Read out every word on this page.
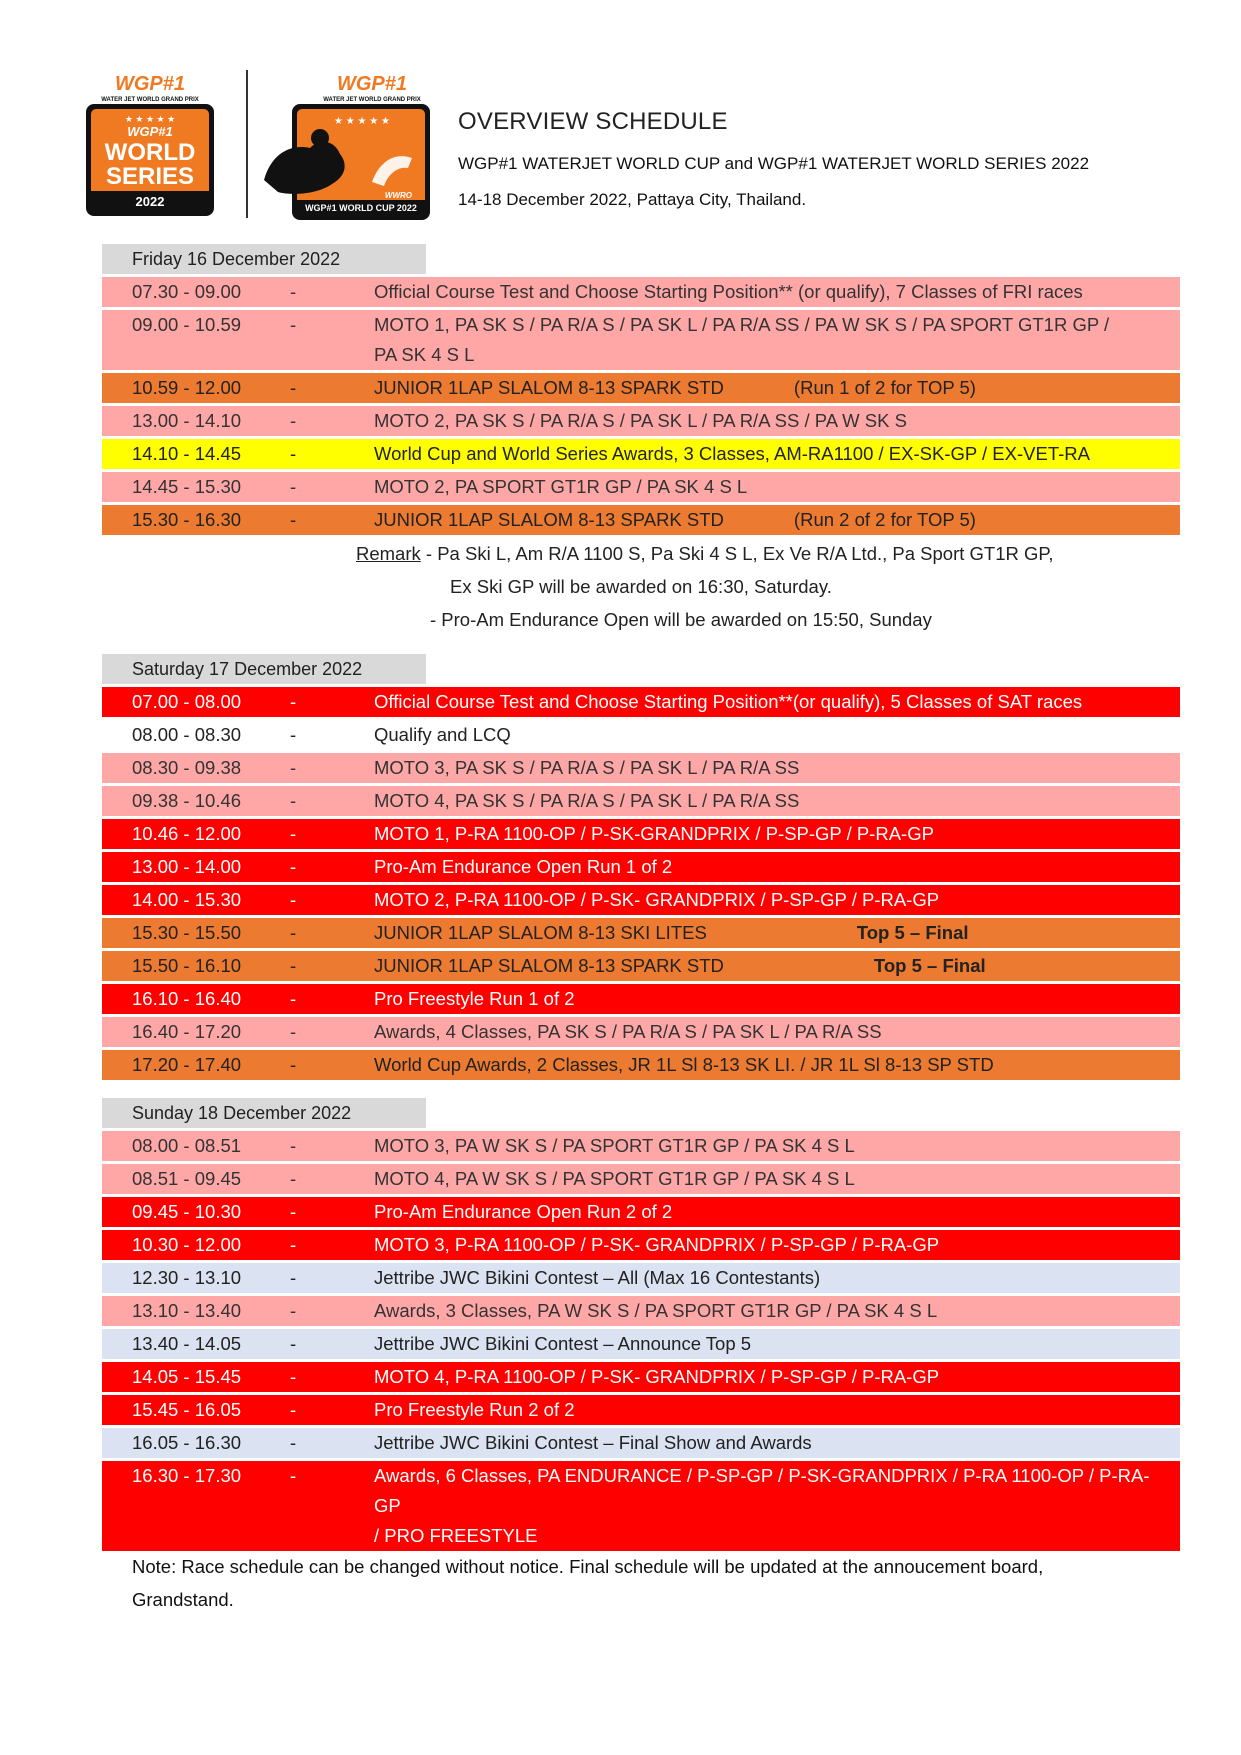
WGP#1
WATER JET WORLD GRAND PRIX
★ ★ ★ ★ ★
WGP#1
WORLD
SERIES
2022
WGP#1
WATER JET WORLD GRAND PRIX
★ ★ ★ ★ ★
WWRO
WGP#1 WORLD CUP 2022
OVERVIEW SCHEDULE
WGP#1 WATERJET WORLD CUP and WGP#1 WATERJET WORLD SERIES 2022
14-18 December 2022, Pattaya City, Thailand.
Friday 16 December 2022
07.30 - 09.00	-	Official Course Test and Choose Starting Position** (or qualify), 7 Classes of FRI races
09.00 - 10.59	-	MOTO 1, PA SK S / PA R/A S / PA SK L / PA R/A SS / PA W SK S / PA SPORT GT1R GP /
PA SK 4 S L
10.59 - 12.00	-	JUNIOR 1LAP SLALOM 8-13 SPARK STD	(Run 1 of 2 for TOP 5)
13.00 - 14.10	-	MOTO 2, PA SK S / PA R/A S / PA SK L / PA R/A SS / PA W SK S
14.10 - 14.45	-	World Cup and World Series Awards, 3 Classes, AM-RA1100 / EX-SK-GP / EX-VET-RA
14.45 - 15.30	-	MOTO 2, PA SPORT GT1R GP / PA SK 4 S L
15.30 - 16.30	-	JUNIOR 1LAP SLALOM 8-13 SPARK STD	(Run 2 of 2 for TOP 5)
Remark - Pa Ski L, Am R/A 1100 S, Pa Ski 4 S L, Ex Ve R/A Ltd., Pa Sport GT1R GP,
Ex Ski GP will be awarded on 16:30, Saturday.
- Pro-Am Endurance Open will be awarded on 15:50, Sunday
Saturday 17 December 2022
07.00 - 08.00	-	Official Course Test and Choose Starting Position**(or qualify), 5 Classes of SAT races
08.00 - 08.30	-	Qualify and LCQ
08.30 - 09.38	-	MOTO 3, PA SK S / PA R/A S / PA SK L / PA R/A SS
09.38 - 10.46	-	MOTO 4, PA SK S / PA R/A S / PA SK L / PA R/A SS
10.46 - 12.00	-	MOTO 1, P-RA 1100-OP / P-SK-GRANDPRIX / P-SP-GP / P-RA-GP
13.00 - 14.00	-	Pro-Am Endurance Open Run 1 of 2
14.00 - 15.30	-	MOTO 2, P-RA 1100-OP / P-SK- GRANDPRIX / P-SP-GP / P-RA-GP
15.30 - 15.50	-	JUNIOR 1LAP SLALOM 8-13 SKI LITES	Top 5 – Final
15.50 - 16.10	-	JUNIOR 1LAP SLALOM 8-13 SPARK STD	Top 5 – Final
16.10 - 16.40	-	Pro Freestyle Run 1 of 2
16.40 - 17.20	-	Awards, 4 Classes, PA SK S / PA R/A S / PA SK L / PA R/A SS
17.20 - 17.40	-	World Cup Awards, 2 Classes, JR 1L Sl 8-13 SK LI. / JR 1L Sl 8-13 SP STD
Sunday 18 December 2022
08.00 - 08.51	-	MOTO 3, PA W SK S / PA SPORT GT1R GP / PA SK 4 S L
08.51 - 09.45	-	MOTO 4, PA W SK S / PA SPORT GT1R GP / PA SK 4 S L
09.45 - 10.30	-	Pro-Am Endurance Open Run 2 of 2
10.30 - 12.00	-	MOTO 3, P-RA 1100-OP / P-SK- GRANDPRIX / P-SP-GP / P-RA-GP
12.30 - 13.10	-	Jettribe JWC Bikini Contest – All (Max 16 Contestants)
13.10 - 13.40	-	Awards, 3 Classes, PA W SK S / PA SPORT GT1R GP / PA SK 4 S L
13.40 - 14.05	-	Jettribe JWC Bikini Contest – Announce Top 5
14.05 - 15.45	-	MOTO 4, P-RA 1100-OP / P-SK- GRANDPRIX / P-SP-GP / P-RA-GP
15.45 - 16.05	-	Pro Freestyle Run 2 of 2
16.05 - 16.30	-	Jettribe JWC Bikini Contest – Final Show and Awards
16.30 - 17.30	-	Awards, 6 Classes, PA ENDURANCE / P-SP-GP / P-SK-GRANDPRIX / P-RA 1100-OP / P-RA-GP
/ PRO FREESTYLE
Note: Race schedule can be changed without notice. Final schedule will be updated at the annoucement board, Grandstand.
